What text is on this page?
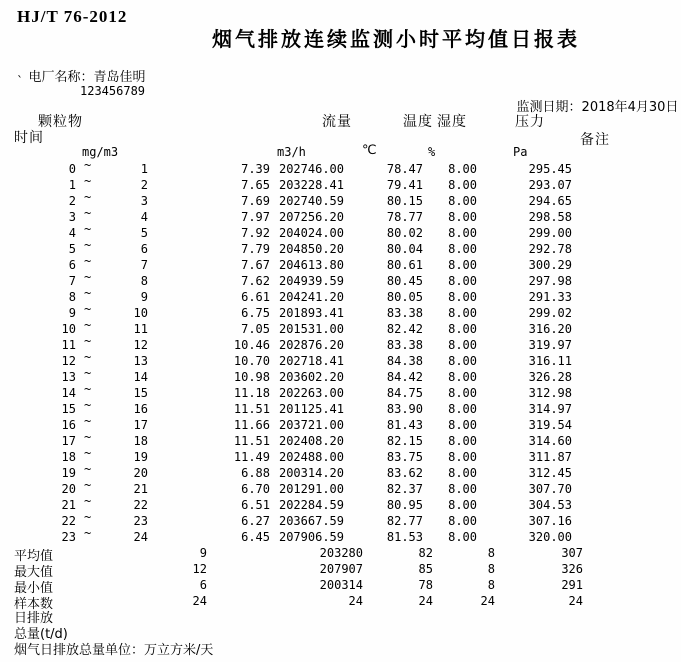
HJ/T 76-2012
烟气排放连续监测小时平均值日报表

电厂名称：青岛佳明

`
123456789

监测日期：2018年4月30日

时间
颗粒物	流量	温度 湿度	压力
备注
mg/m3	m3/h	℃	%	Pa
0 ~	1	7.39 202746.00	78.47 8.00	295.45
1 ~	2	7.65 203228.41	79.41 8.00	293.07
2 ~	3	7.69 202740.59	80.15 8.00	294.65
3 ~	4	7.97 207256.20	78.77 8.00	298.58
4 ~	5	7.92 204024.00	80.02 8.00	299.00
5 ~	6	7.79 204850.20	80.04 8.00	292.78
6 ~	7	7.67 204613.80	80.61 8.00	300.29
7 ~	8	7.62 204939.59	80.45 8.00	297.98
8 ~	9	6.61 204241.20	80.05 8.00	291.33
9 ~	10	6.75 201893.41	83.38 8.00	299.02
10 ~	11	7.05 201531.00	82.42 8.00	316.20
11 ~	12	10.46 202876.20	83.38 8.00	319.97
12 ~	13	10.70 202718.41	84.38 8.00	316.11
13 ~	14	10.98 203602.20	84.42 8.00	326.28
14 ~	15	11.18 202263.00	84.75 8.00	312.98
15 ~	16	11.51 201125.41	83.90 8.00	314.97
16 ~	17	11.66 203721.00	81.43 8.00	319.54
17 ~	18	11.51 202408.20	82.15 8.00	314.60
18 ~	19	11.49 202488.00	83.75 8.00	311.87
19 ~	20	6.88 200314.20	83.62 8.00	312.45
20 ~	21	6.70 201291.00	82.37 8.00	307.70
21 ~	22	6.51 202284.59	80.95 8.00	304.53
22 ~	23	6.27 203667.59	82.77 8.00	307.16
23 ~	24	6.45 207906.59	81.53 8.00	320.00
平均值	9	203280	82	8	307
最大值	12	207907	85	8	326
最小值	6	200314	78	8	291
样本数	24	24	24	24	24
日排放
总量(t/d)
烟气日排放总量单位：万立方米/天
